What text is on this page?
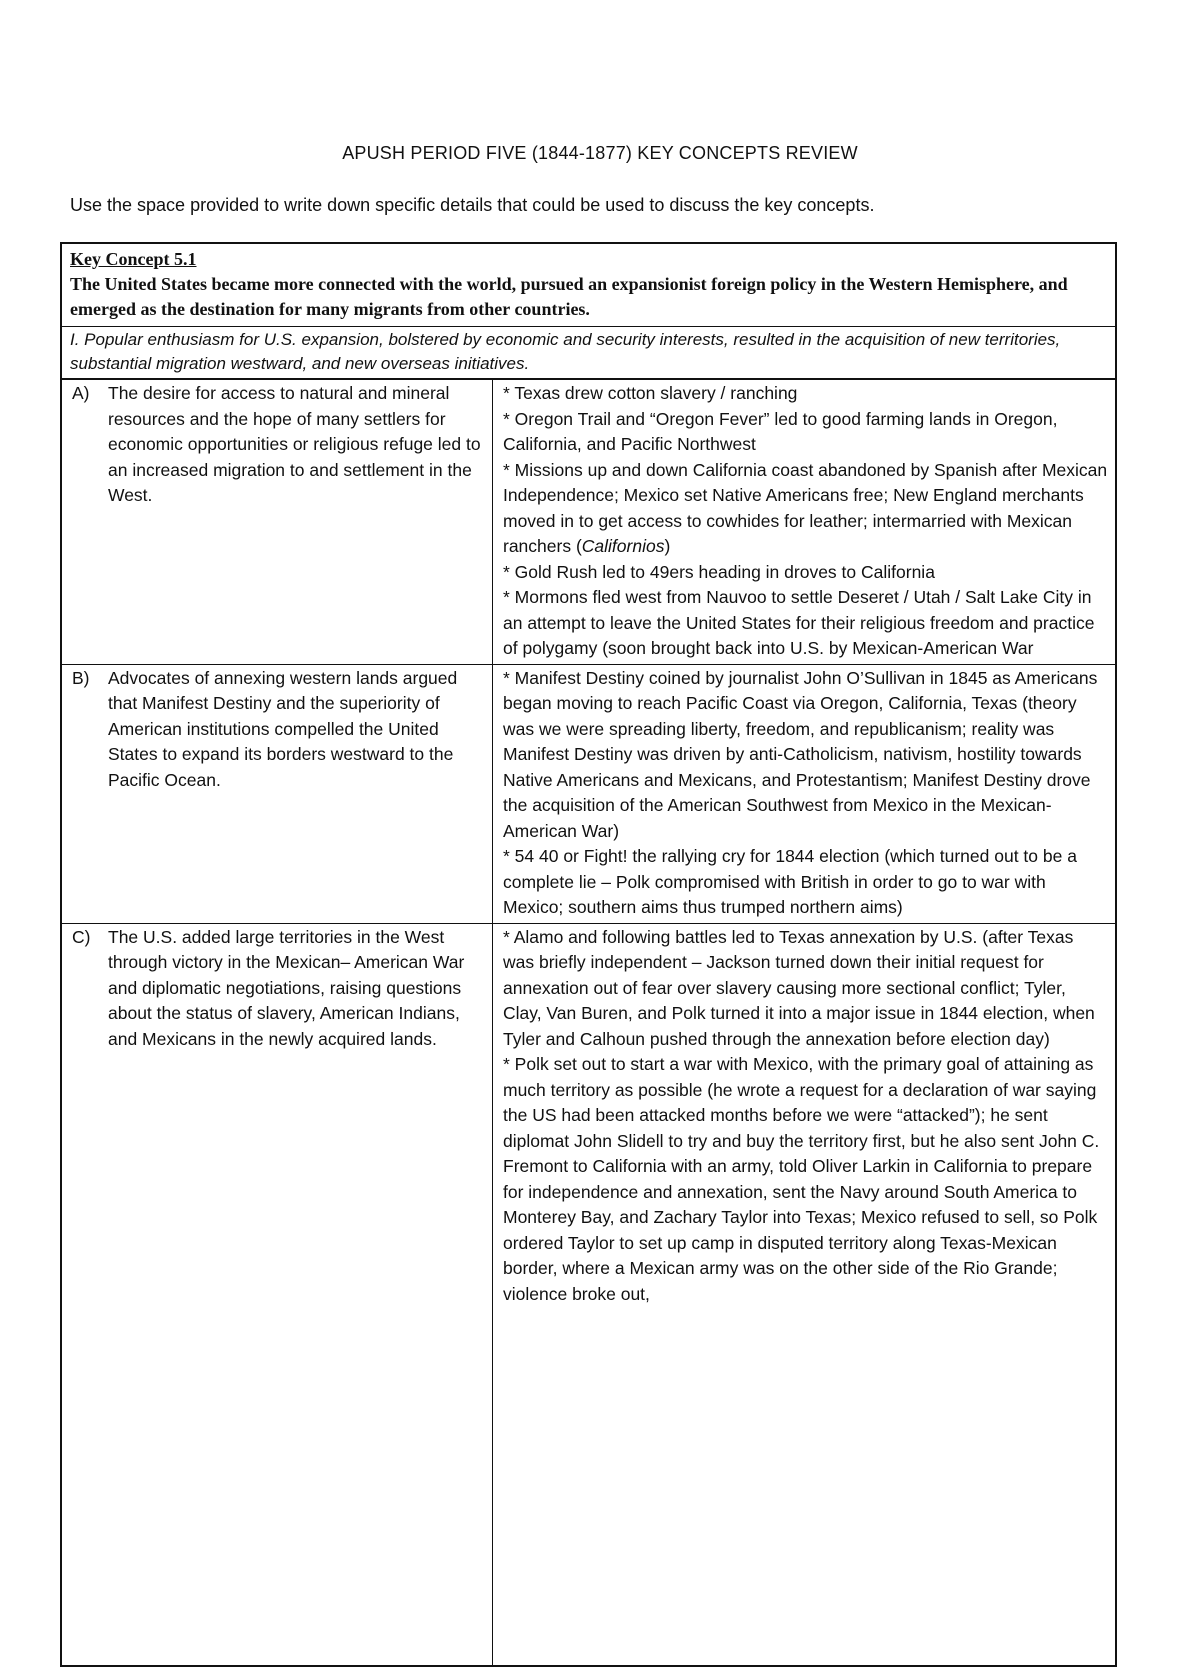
APUSH PERIOD FIVE (1844-1877) KEY CONCEPTS REVIEW
Use the space provided to write down specific details that could be used to discuss the key concepts.
Key Concept 5.1
The United States became more connected with the world, pursued an expansionist foreign policy in the Western Hemisphere, and emerged as the destination for many migrants from other countries.
I. Popular enthusiasm for U.S. expansion, bolstered by economic and security interests, resulted in the acquisition of new territories, substantial migration westward, and new overseas initiatives.
A)	The desire for access to natural and mineral resources and the hope of many settlers for economic opportunities or religious refuge led to an increased migration to and settlement in the West.

* Texas drew cotton slavery / ranching

* Oregon Trail and “Oregon Fever” led to good farming lands in Oregon, California, and Pacific Northwest

* Missions up and down California coast abandoned by Spanish after Mexican Independence; Mexico set Native Americans free; New England merchants moved in to get access to cowhides for leather; intermarried with Mexican ranchers (Californios)

* Gold Rush led to 49ers heading in droves to California

* Mormons fled west from Nauvoo to settle Deseret / Utah / Salt Lake City in an attempt to leave the United States for their religious freedom and practice of polygamy (soon brought back into U.S. by Mexican-American War

B)	Advocates of annexing western lands argued that Manifest Destiny and the superiority of American institutions compelled the United States to expand its borders westward to the Pacific Ocean.

* Manifest Destiny coined by journalist John O’Sullivan in 1845 as Americans began moving to reach Pacific Coast via Oregon, California, Texas (theory was we were spreading liberty, freedom, and republicanism; reality was Manifest Destiny was driven by anti-Catholicism, nativism, hostility towards Native Americans and Mexicans, and Protestantism; Manifest Destiny drove the acquisition of the American Southwest from Mexico in the Mexican-American War)

* 54 40 or Fight! the rallying cry for 1844 election (which turned out to be a complete lie – Polk compromised with British in order to go to war with Mexico; southern aims thus trumped northern aims)

C)	The U.S. added large territories in the West through victory in the Mexican– American War and diplomatic negotiations, raising questions about the status of slavery, American Indians, and Mexicans in the newly acquired lands.

* Alamo and following battles led to Texas annexation by U.S. (after Texas was briefly independent – Jackson turned down their initial request for annexation out of fear over slavery causing more sectional conflict; Tyler, Clay, Van Buren, and Polk turned it into a major issue in 1844 election, when Tyler and Calhoun pushed through the annexation before election day)

* Polk set out to start a war with Mexico, with the primary goal of attaining as much territory as possible (he wrote a request for a declaration of war saying the US had been attacked months before we were “attacked”); he sent diplomat John Slidell to try and buy the territory first, but he also sent John C. Fremont to California with an army, told Oliver Larkin in California to prepare for independence and annexation, sent the Navy around South America to Monterey Bay, and Zachary Taylor into Texas; Mexico refused to sell, so Polk ordered Taylor to set up camp in disputed territory along Texas-Mexican border, where a Mexican army was on the other side of the Rio Grande; violence broke out,
